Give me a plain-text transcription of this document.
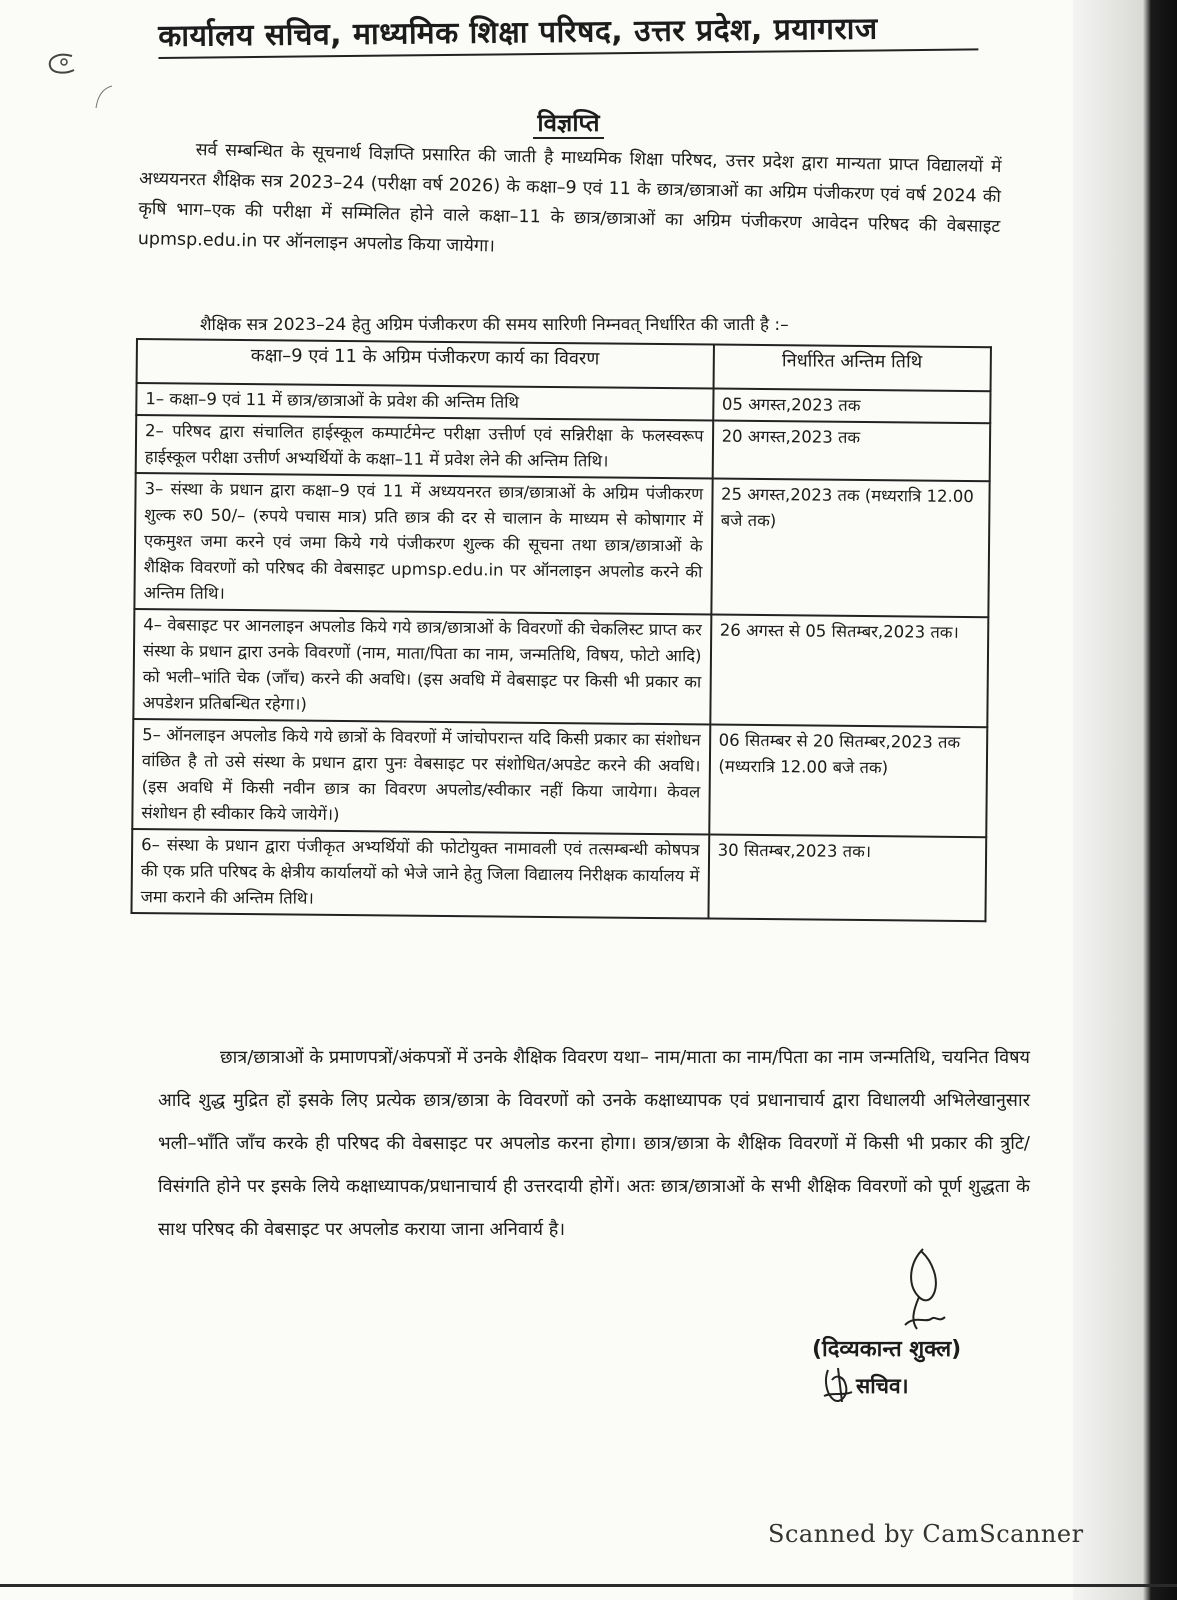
कार्यालय सचिव, माध्यमिक शिक्षा परिषद, उत्तर प्रदेश, प्रयागराज
विज्ञप्ति

सर्व सम्बन्धित के सूचनार्थ विज्ञप्ति प्रसारित की जाती है माध्यमिक शिक्षा परिषद, उत्तर प्रदेश द्वारा मान्यता प्राप्त विद्यालयों में अध्ययनरत शैक्षिक सत्र 2023–24 (परीक्षा वर्ष 2026) के कक्षा–9 एवं 11 के छात्र/छात्राओं का अग्रिम पंजीकरण एवं वर्ष 2024 की कृषि भाग–एक की परीक्षा में सम्मिलित होने वाले कक्षा–11 के छात्र/छात्राओं का अग्रिम पंजीकरण आवेदन परिषद की वेबसाइट upmsp.edu.in पर ऑनलाइन अपलोड किया जायेगा।

शैक्षिक सत्र 2023–24 हेतु अग्रिम पंजीकरण की समय सारिणी निम्नवत् निर्धारित की जाती है :–
कक्षा–9 एवं 11 के अग्रिम पंजीकरण कार्य का विवरण	निर्धारित अन्तिम तिथि
1– कक्षा–9 एवं 11 में छात्र/छात्राओं के प्रवेश की अन्तिम तिथि	05 अगस्त,2023 तक
2– परिषद द्वारा संचालित हाईस्कूल कम्पार्टमेन्ट परीक्षा उत्तीर्ण एवं सन्निरीक्षा के फलस्वरूप हाईस्कूल परीक्षा उत्तीर्ण अभ्यर्थियों के कक्षा–11 में प्रवेश लेने की अन्तिम तिथि।	20 अगस्त,2023 तक
3– संस्था के प्रधान द्वारा कक्षा–9 एवं 11 में अध्ययनरत छात्र/छात्राओं के अग्रिम पंजीकरण शुल्क रु0 50/– (रुपये पचास मात्र) प्रति छात्र की दर से चालान के माध्यम से कोषागार में एकमुश्त जमा करने एवं जमा किये गये पंजीकरण शुल्क की सूचना तथा छात्र/छात्राओं के शैक्षिक विवरणों को परिषद की वेबसाइट upmsp.edu.in पर ऑनलाइन अपलोड करने की अन्तिम तिथि।	25 अगस्त,2023 तक (मध्यरात्रि 12.00 बजे तक)
4– वेबसाइट पर आनलाइन अपलोड किये गये छात्र/छात्राओं के विवरणों की चेकलिस्ट प्राप्त कर संस्था के प्रधान द्वारा उनके विवरणों (नाम, माता/पिता का नाम, जन्मतिथि, विषय, फोटो आदि) को भली–भांति चेक (जाँच) करने की अवधि। (इस अवधि में वेबसाइट पर किसी भी प्रकार का अपडेशन प्रतिबन्धित रहेगा।)	26 अगस्त से 05 सितम्बर,2023 तक।
5– ऑनलाइन अपलोड किये गये छात्रों के विवरणों में जांचोपरान्त यदि किसी प्रकार का संशोधन वांछित है तो उसे संस्था के प्रधान द्वारा पुनः वेबसाइट पर संशोधित/अपडेट करने की अवधि। (इस अवधि में किसी नवीन छात्र का विवरण अपलोड/स्वीकार नहीं किया जायेगा। केवल संशोधन ही स्वीकार किये जायेगें।)	06 सितम्बर से 20 सितम्बर,2023 तक (मध्यरात्रि 12.00 बजे तक)
6– संस्था के प्रधान द्वारा पंजीकृत अभ्यर्थियों की फोटोयुक्त नामावली एवं तत्सम्बन्धी कोषपत्र की एक प्रति परिषद के क्षेत्रीय कार्यालयों को भेजे जाने हेतु जिला विद्यालय निरीक्षक कार्यालय में जमा कराने की अन्तिम तिथि।	30 सितम्बर,2023 तक।

छात्र/छात्राओं के प्रमाणपत्रों/अंकपत्रों में उनके शैक्षिक विवरण यथा– नाम/माता का नाम/पिता का नाम जन्मतिथि, चयनित विषय आदि शुद्ध मुद्रित हों इसके लिए प्रत्येक छात्र/छात्रा के विवरणों को उनके कक्षाध्यापक एवं प्रधानाचार्य द्वारा विधालयी अभिलेखानुसार भली–भाँति जाँच करके ही परिषद की वेबसाइट पर अपलोड करना होगा। छात्र/छात्रा के शैक्षिक विवरणों में किसी भी प्रकार की त्रुटि/विसंगति होने पर इसके लिये कक्षाध्यापक/प्रधानाचार्य ही उत्तरदायी होगें। अतः छात्र/छात्राओं के सभी शैक्षिक विवरणों को पूर्ण शुद्धता के साथ परिषद की वेबसाइट पर अपलोड कराया जाना अनिवार्य है।

(दिव्यकान्त शुक्ल)
सचिव।
Scanned by CamScanner
